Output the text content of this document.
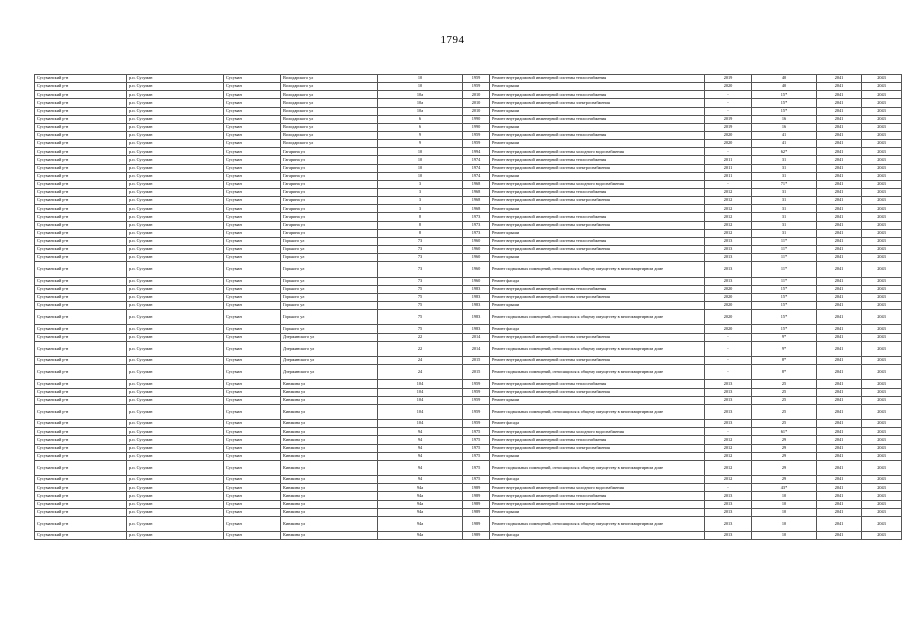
1794
Сусуманский р-н	р.п. Сусуман	Сусуман	Володарского ул	10	1959	Ремонт внутридомовой инженерной системы теплоснабжения	2019	40	2041	2043
Сусуманский р-н	р.п. Сусуман	Сусуман	Володарского ул	10	1959	Ремонт крыши	2020	40	2041	2043
Сусуманский р-н	р.п. Сусуман	Сусуман	Володарского ул	10а	2010	Ремонт внутридомовой инженерной системы теплоснабжения	-	15*	2041	2043
Сусуманский р-н	р.п. Сусуман	Сусуман	Володарского ул	10а	2010	Ремонт внутридомовой инженерной системы электроснабжения	-	15*	2041	2043
Сусуманский р-н	р.п. Сусуман	Сусуман	Володарского ул	10а	2010	Ремонт крыши	-	15*	2041	2043
Сусуманский р-н	р.п. Сусуман	Сусуман	Володарского ул	6	1990	Ремонт внутридомовой инженерной системы теплоснабжения	2019	16	2041	2043
Сусуманский р-н	р.п. Сусуман	Сусуман	Володарского ул	6	1990	Ремонт крыши	2019	16	2041	2043
Сусуманский р-н	р.п. Сусуман	Сусуман	Володарского ул	9	1959	Ремонт внутридомовой инженерной системы теплоснабжения	2020	41	2041	2043
Сусуманский р-н	р.п. Сусуман	Сусуман	Володарского ул	9	1959	Ремонт крыши	2020	41	2041	2043
Сусуманский р-н	р.п. Сусуман	Сусуман	Гагарина ул	10	1994	Ремонт внутридомовой инженерной системы холодного водоснабжения	-	62*	2041	2043
Сусуманский р-н	р.п. Сусуман	Сусуман	Гагарина ул	10	1974	Ремонт внутридомовой инженерной системы теплоснабжения	2011	31	2041	2043
Сусуманский р-н	р.п. Сусуман	Сусуман	Гагарина ул	10	1974	Ремонт внутридомовой инженерной системы электроснабжения	2011	31	2041	2043
Сусуманский р-н	р.п. Сусуман	Сусуман	Гагарина ул	10	1974	Ремонт крыши	2011	31	2041	2043
Сусуманский р-н	р.п. Сусуман	Сусуман	Гагарина ул	3	1968	Ремонт внутридомовой инженерной системы холодного водоснабжения	-	71*	2041	2043
Сусуманский р-н	р.п. Сусуман	Сусуман	Гагарина ул	3	1968	Ремонт внутридомовой инженерной системы теплоснабжения	2012	31	2041	2043
Сусуманский р-н	р.п. Сусуман	Сусуман	Гагарина ул	3	1968	Ремонт внутридомовой инженерной системы электроснабжения	2012	31	2041	2043
Сусуманский р-н	р.п. Сусуман	Сусуман	Гагарина ул	3	1968	Ремонт крыши	2012	31	2041	2043
Сусуманский р-н	р.п. Сусуман	Сусуман	Гагарина ул	8	1973	Ремонт внутридомовой инженерной системы теплоснабжения	2012	31	2041	2043
Сусуманский р-н	р.п. Сусуман	Сусуман	Гагарина ул	8	1973	Ремонт внутридомовой инженерной системы электроснабжения	2012	31	2041	2043
Сусуманский р-н	р.п. Сусуман	Сусуман	Гагарина ул	8	1973	Ремонт крыши	2012	31	2041	2043
Сусуманский р-н	р.п. Сусуман	Сусуман	Горького ул	73	1960	Ремонт внутридомовой инженерной системы теплоснабжения	2013	11*	2041	2043
Сусуманский р-н	р.п. Сусуман	Сусуман	Горького ул	73	1960	Ремонт внутридомовой инженерной системы электроснабжения	2013	11*	2041	2043
Сусуманский р-н	р.п. Сусуман	Сусуман	Горького ул	73	1960	Ремонт крыши	2013	11*	2041	2043
Сусуманский р-н	р.п. Сусуман	Сусуман	Горького ул	73	1960	Ремонт подвальных помещений, относящихся к общему имуществу в многоквартирном доме	2013	11*	2041	2043
Сусуманский р-н	р.п. Сусуман	Сусуман	Горького ул	73	1960	Ремонт фасада	2013	11*	2041	2043
Сусуманский р-н	р.п. Сусуман	Сусуман	Горького ул	75	1983	Ремонт внутридомовой инженерной системы теплоснабжения	2020	15*	2041	2043
Сусуманский р-н	р.п. Сусуман	Сусуман	Горького ул	75	1983	Ремонт внутридомовой инженерной системы электроснабжения	2020	15*	2041	2043
Сусуманский р-н	р.п. Сусуман	Сусуман	Горького ул	75	1983	Ремонт крыши	2020	15*	2041	2043
Сусуманский р-н	р.п. Сусуман	Сусуман	Горького ул	75	1983	Ремонт подвальных помещений, относящихся к общему имуществу в многоквартирном доме	2020	15*	2041	2043
Сусуманский р-н	р.п. Сусуман	Сусуман	Горького ул	75	1983	Ремонт фасада	2020	15*	2041	2043
Сусуманский р-н	р.п. Сусуман	Сусуман	Дзержинского ул	22	2014	Ремонт внутридомовой инженерной системы электроснабжения	-	9*	2041	2043
Сусуманский р-н	р.п. Сусуман	Сусуман	Дзержинского ул	22	2014	Ремонт подвальных помещений, относящихся к общему имуществу в многоквартирном доме	-	9*	2041	2043
Сусуманский р-н	р.п. Сусуман	Сусуман	Дзержинского ул	24	2015	Ремонт внутридомовой инженерной системы электроснабжения	-	8*	2041	2043
Сусуманский р-н	р.п. Сусуман	Сусуман	Дзержинского ул	24	2015	Ремонт подвальных помещений, относящихся к общему имуществу в многоквартирном доме	-	8*	2041	2043
Сусуманский р-н	р.п. Сусуман	Сусуман	Кинжина ул	104	1959	Ремонт внутридомовой инженерной системы теплоснабжения	2013	25	2041	2043
Сусуманский р-н	р.п. Сусуман	Сусуман	Кинжина ул	104	1959	Ремонт внутридомовой инженерной системы электроснабжения	2013	25	2041	2043
Сусуманский р-н	р.п. Сусуман	Сусуман	Кинжина ул	104	1959	Ремонт крыши	2013	25	2041	2043
Сусуманский р-н	р.п. Сусуман	Сусуман	Кинжина ул	104	1959	Ремонт подвальных помещений, относящихся к общему имуществу в многоквартирном доме	2013	25	2041	2043
Сусуманский р-н	р.п. Сусуман	Сусуман	Кинжина ул	104	1959	Ремонт фасада	2013	25	2041	2043
Сусуманский р-н	р.п. Сусуман	Сусуман	Кинжина ул	94	1975	Ремонт внутридомовой инженерной системы холодного водоснабжения	-	61*	2041	2043
Сусуманский р-н	р.п. Сусуман	Сусуман	Кинжина ул	94	1975	Ремонт внутридомовой инженерной системы теплоснабжения	2012	29	2041	2043
Сусуманский р-н	р.п. Сусуман	Сусуман	Кинжина ул	94	1975	Ремонт внутридомовой инженерной системы электроснабжения	2012	29	2041	2043
Сусуманский р-н	р.п. Сусуман	Сусуман	Кинжина ул	94	1975	Ремонт крыши	2012	29	2041	2043
Сусуманский р-н	р.п. Сусуман	Сусуман	Кинжина ул	94	1975	Ремонт подвальных помещений, относящихся к общему имуществу в многоквартирном доме	2012	29	2041	2043
Сусуманский р-н	р.п. Сусуман	Сусуман	Кинжина ул	94	1975	Ремонт фасада	2012	29	2041	2043
Сусуманский р-н	р.п. Сусуман	Сусуман	Кинжина ул	94а	1989	Ремонт внутридомовой инженерной системы холодного водоснабжения	-	43*	2041	2043
Сусуманский р-н	р.п. Сусуман	Сусуман	Кинжина ул	94а	1989	Ремонт внутридомовой инженерной системы теплоснабжения	2013	10	2041	2043
Сусуманский р-н	р.п. Сусуман	Сусуман	Кинжина ул	94а	1989	Ремонт внутридомовой инженерной системы электроснабжения	2013	10	2041	2043
Сусуманский р-н	р.п. Сусуман	Сусуман	Кинжина ул	94а	1989	Ремонт крыши	2013	10	2041	2043
Сусуманский р-н	р.п. Сусуман	Сусуман	Кинжина ул	94а	1989	Ремонт подвальных помещений, относящихся к общему имуществу в многоквартирном доме	2013	10	2041	2043
Сусуманский р-н	р.п. Сусуман	Сусуман	Кинжина ул	94а	1989	Ремонт фасада	2013	10	2041	2043
